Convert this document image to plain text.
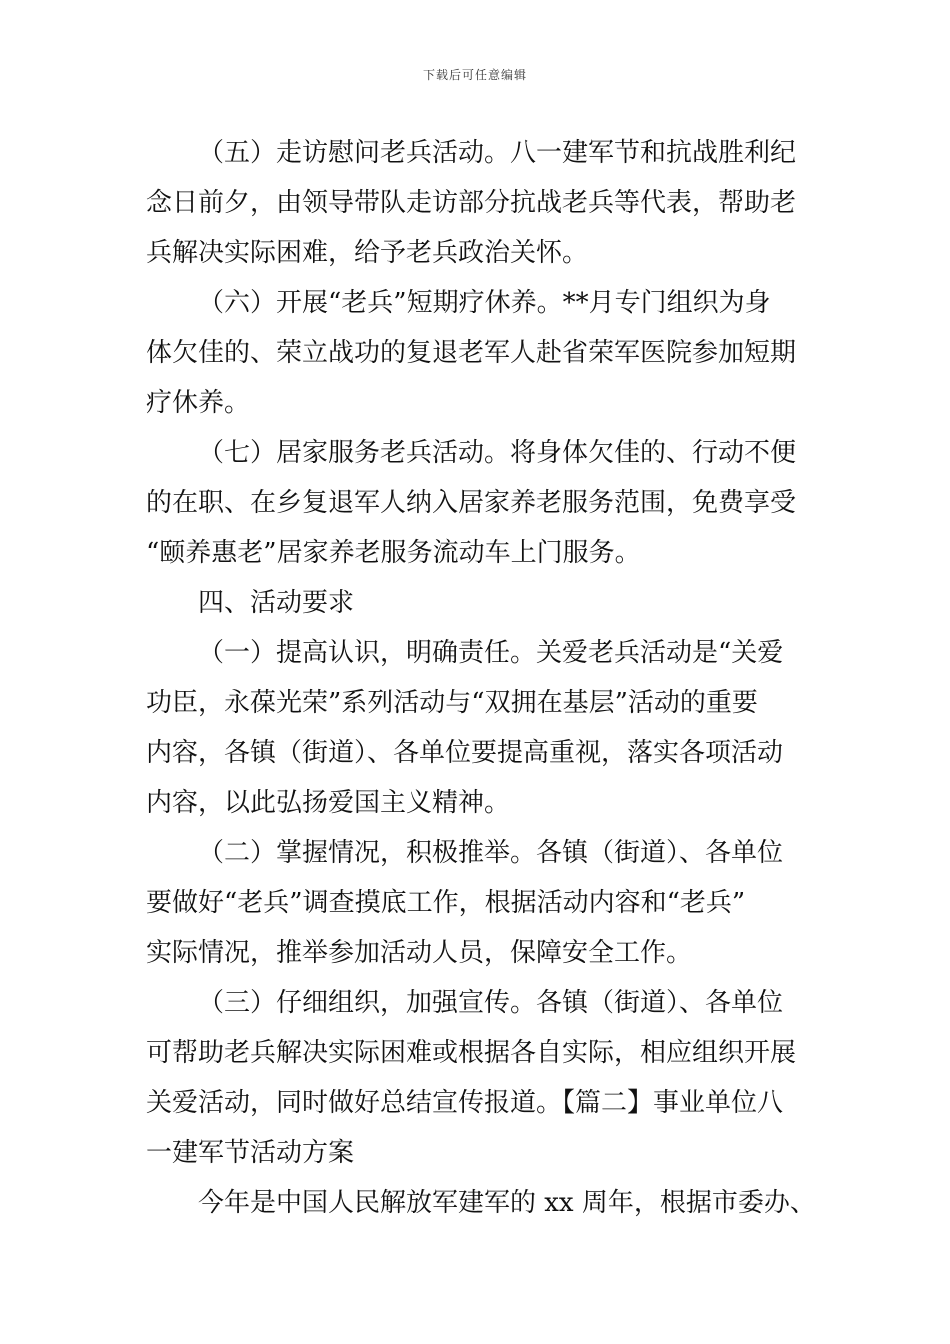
下载后可任意编辑
（五）走访慰问老兵活动。八一建军节和抗战胜利纪
念日前夕，由领导带队走访部分抗战老兵等代表，帮助老
兵解决实际困难，给予老兵政治关怀。
（六）开展“老兵”短期疗休养。**月专门组织为身
体欠佳的、荣立战功的复退老军人赴省荣军医院参加短期
疗休养。
（七）居家服务老兵活动。将身体欠佳的、行动不便
的在职、在乡复退军人纳入居家养老服务范围，免费享受
“颐养惠老”居家养老服务流动车上门服务。
四、活动要求
（一）提高认识，明确责任。关爱老兵活动是“关爱
功臣，永葆光荣”系列活动与“双拥在基层”活动的重要
内容，各镇（街道）、各单位要提高重视，落实各项活动
内容，以此弘扬爱国主义精神。
（二）掌握情况，积极推举。各镇（街道）、各单位
要做好“老兵”调查摸底工作，根据活动内容和“老兵”
实际情况，推举参加活动人员，保障安全工作。
（三）仔细组织，加强宣传。各镇（街道）、各单位
可帮助老兵解决实际困难或根据各自实际，相应组织开展
关爱活动，同时做好总结宣传报道。【篇二】事业单位八
一建军节活动方案
今年是中国人民解放军建军的 xx 周年，根据市委办、
